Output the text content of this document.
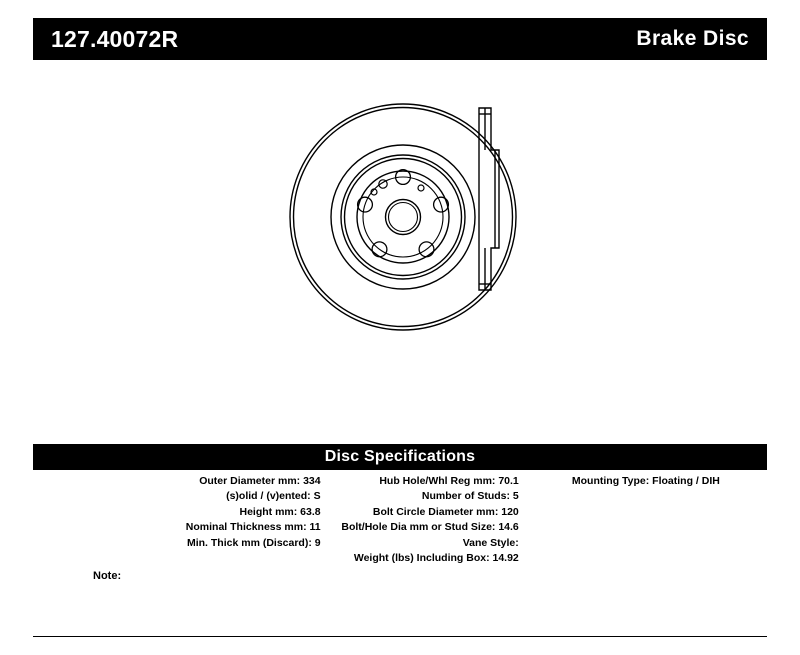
127.40072R	Brake Disc
Disc Specifications
Outer Diameter mm: 334
(s)olid / (v)ented: S
Height mm: 63.8
Nominal Thickness mm: 11
Min. Thick mm (Discard): 9
Hub Hole/Whl Reg mm: 70.1
Number of Studs: 5
Bolt Circle Diameter mm: 120
Bolt/Hole Dia mm or Stud Size: 14.6
Vane Style:
Weight (lbs) Including Box: 14.92
Mounting Type: Floating / DIH
Note:
